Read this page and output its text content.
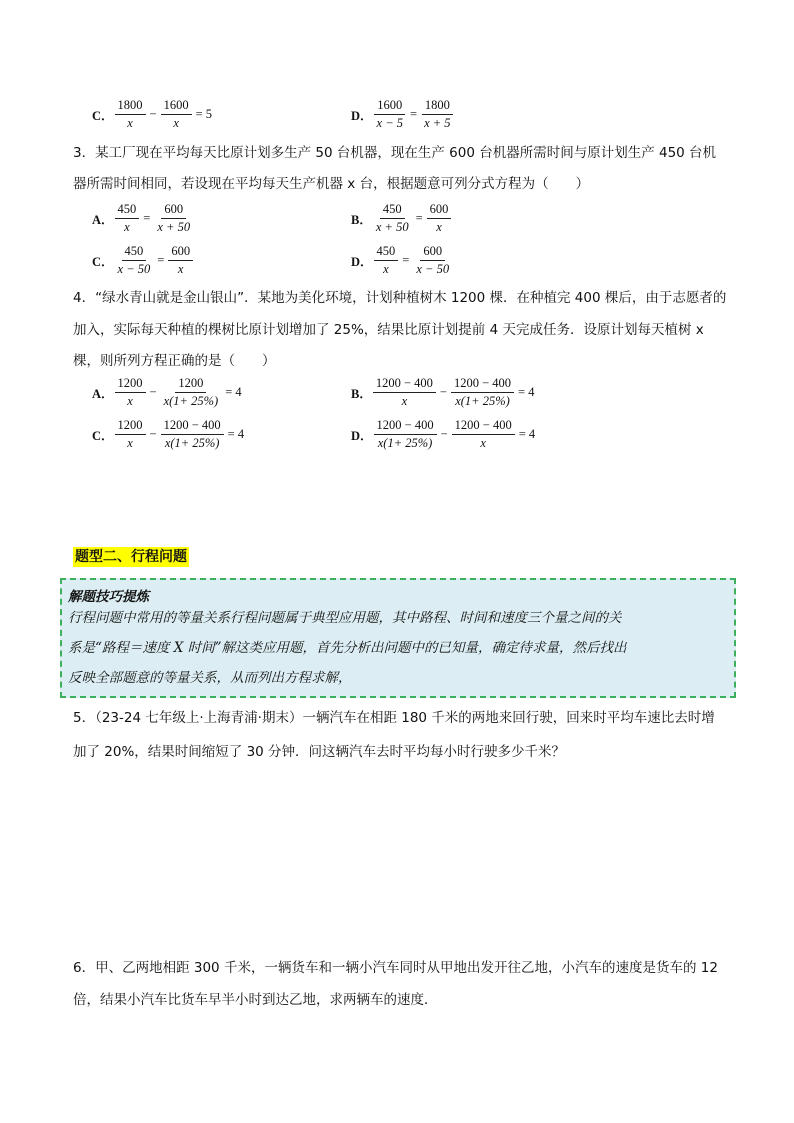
C． $\frac{1800}{x} - \frac{1600}{x} = 5$	D． $\frac{1600}{x - 5} = \frac{1800}{x + 5}$
3．某工厂现在平均每天比原计划多生产 50 台机器，现在生产 600 台机器所需时间与原计划生产 450 台机
器所需时间相同，若设现在平均每天生产机器 x 台，根据题意可列分式方程为（　　）
A． $\frac{450}{x} = \frac{600}{x + 50}$	B． $\frac{450}{x + 50} = \frac{600}{x}$
C． $\frac{450}{x - 50} = \frac{600}{x}$	D． $\frac{450}{x} = \frac{600}{x - 50}$
4．“绿水青山就是金山银山”．某地为美化环境，计划种植树木 1200 棵．在种植完 400 棵后，由于志愿者的
加入，实际每天种植的棵树比原计划增加了 25%，结果比原计划提前 4 天完成任务．设原计划每天植树 x
棵，则所列方程正确的是（　　）
A． $\frac{1200}{x} - \frac{1200}{x(1+ 25\%)} = 4$	B． $\frac{1200 - 400}{x} - \frac{1200 - 400}{x(1+ 25\%)} = 4$
C． $\frac{1200}{x} - \frac{1200 - 400}{x(1+ 25\%)} = 4$	D． $\frac{1200 - 400}{x(1+ 25\%)} - \frac{1200 - 400}{x} = 4$
题型二、行程问题
解题技巧提炼
行程问题中常用的等量关系行程问题属于典型应用题，其中路程、时间和速度三个量之间的关
系是“路程＝速度 X 时间”解这类应用题，首先分析出问题中的已知量，确定待求量，然后找出
反映全部题意的等量关系，从而列出方程求解，
5．（23-24 七年级上·上海青浦·期末）一辆汽车在相距 180 千米的两地来回行驶，回来时平均车速比去时增
加了 20%，结果时间缩短了 30 分钟．问这辆汽车去时平均每小时行驶多少千米？
6．甲、乙两地相距 300 千米，一辆货车和一辆小汽车同时从甲地出发开往乙地，小汽车的速度是货车的 12
倍，结果小汽车比货车早半小时到达乙地，求两辆车的速度．
